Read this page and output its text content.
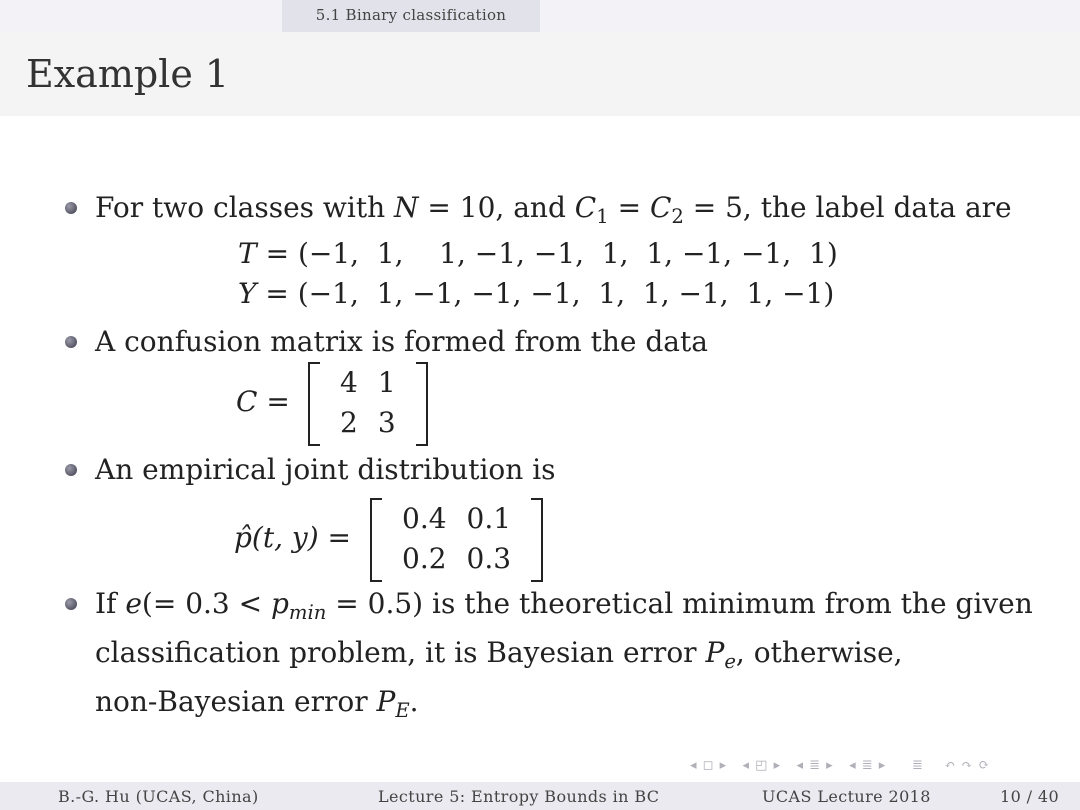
5.1 Binary classification
Example 1
For two classes with N = 10, and $C_1 = C_2 = 5$, the label data are
T = (−1,  1,    1, −1, −1,  1,  1, −1, −1,  1)
Y = (−1,  1, −1, −1, −1,  1,  1, −1,  1, −1)
A confusion matrix is formed from the data
C =
4	1
2	3
An empirical joint distribution is
p̂(t, y) =
0.4	0.1
0.2	0.3
If $e(= 0.3 < p_{min} = 0.5)$ is the theoretical minimum from the given
classification problem, it is Bayesian error $P_e$, otherwise,
non-Bayesian error $P_E$.
◂ ◻ ▸   ◂ ◰ ▸   ◂ ≣ ▸   ◂ ≣ ▸     ≣    ↶ ↷ ⟳
B.-G. Hu (UCAS, China)	Lecture 5: Entropy Bounds in BC	UCAS Lecture 2018	10 / 40
